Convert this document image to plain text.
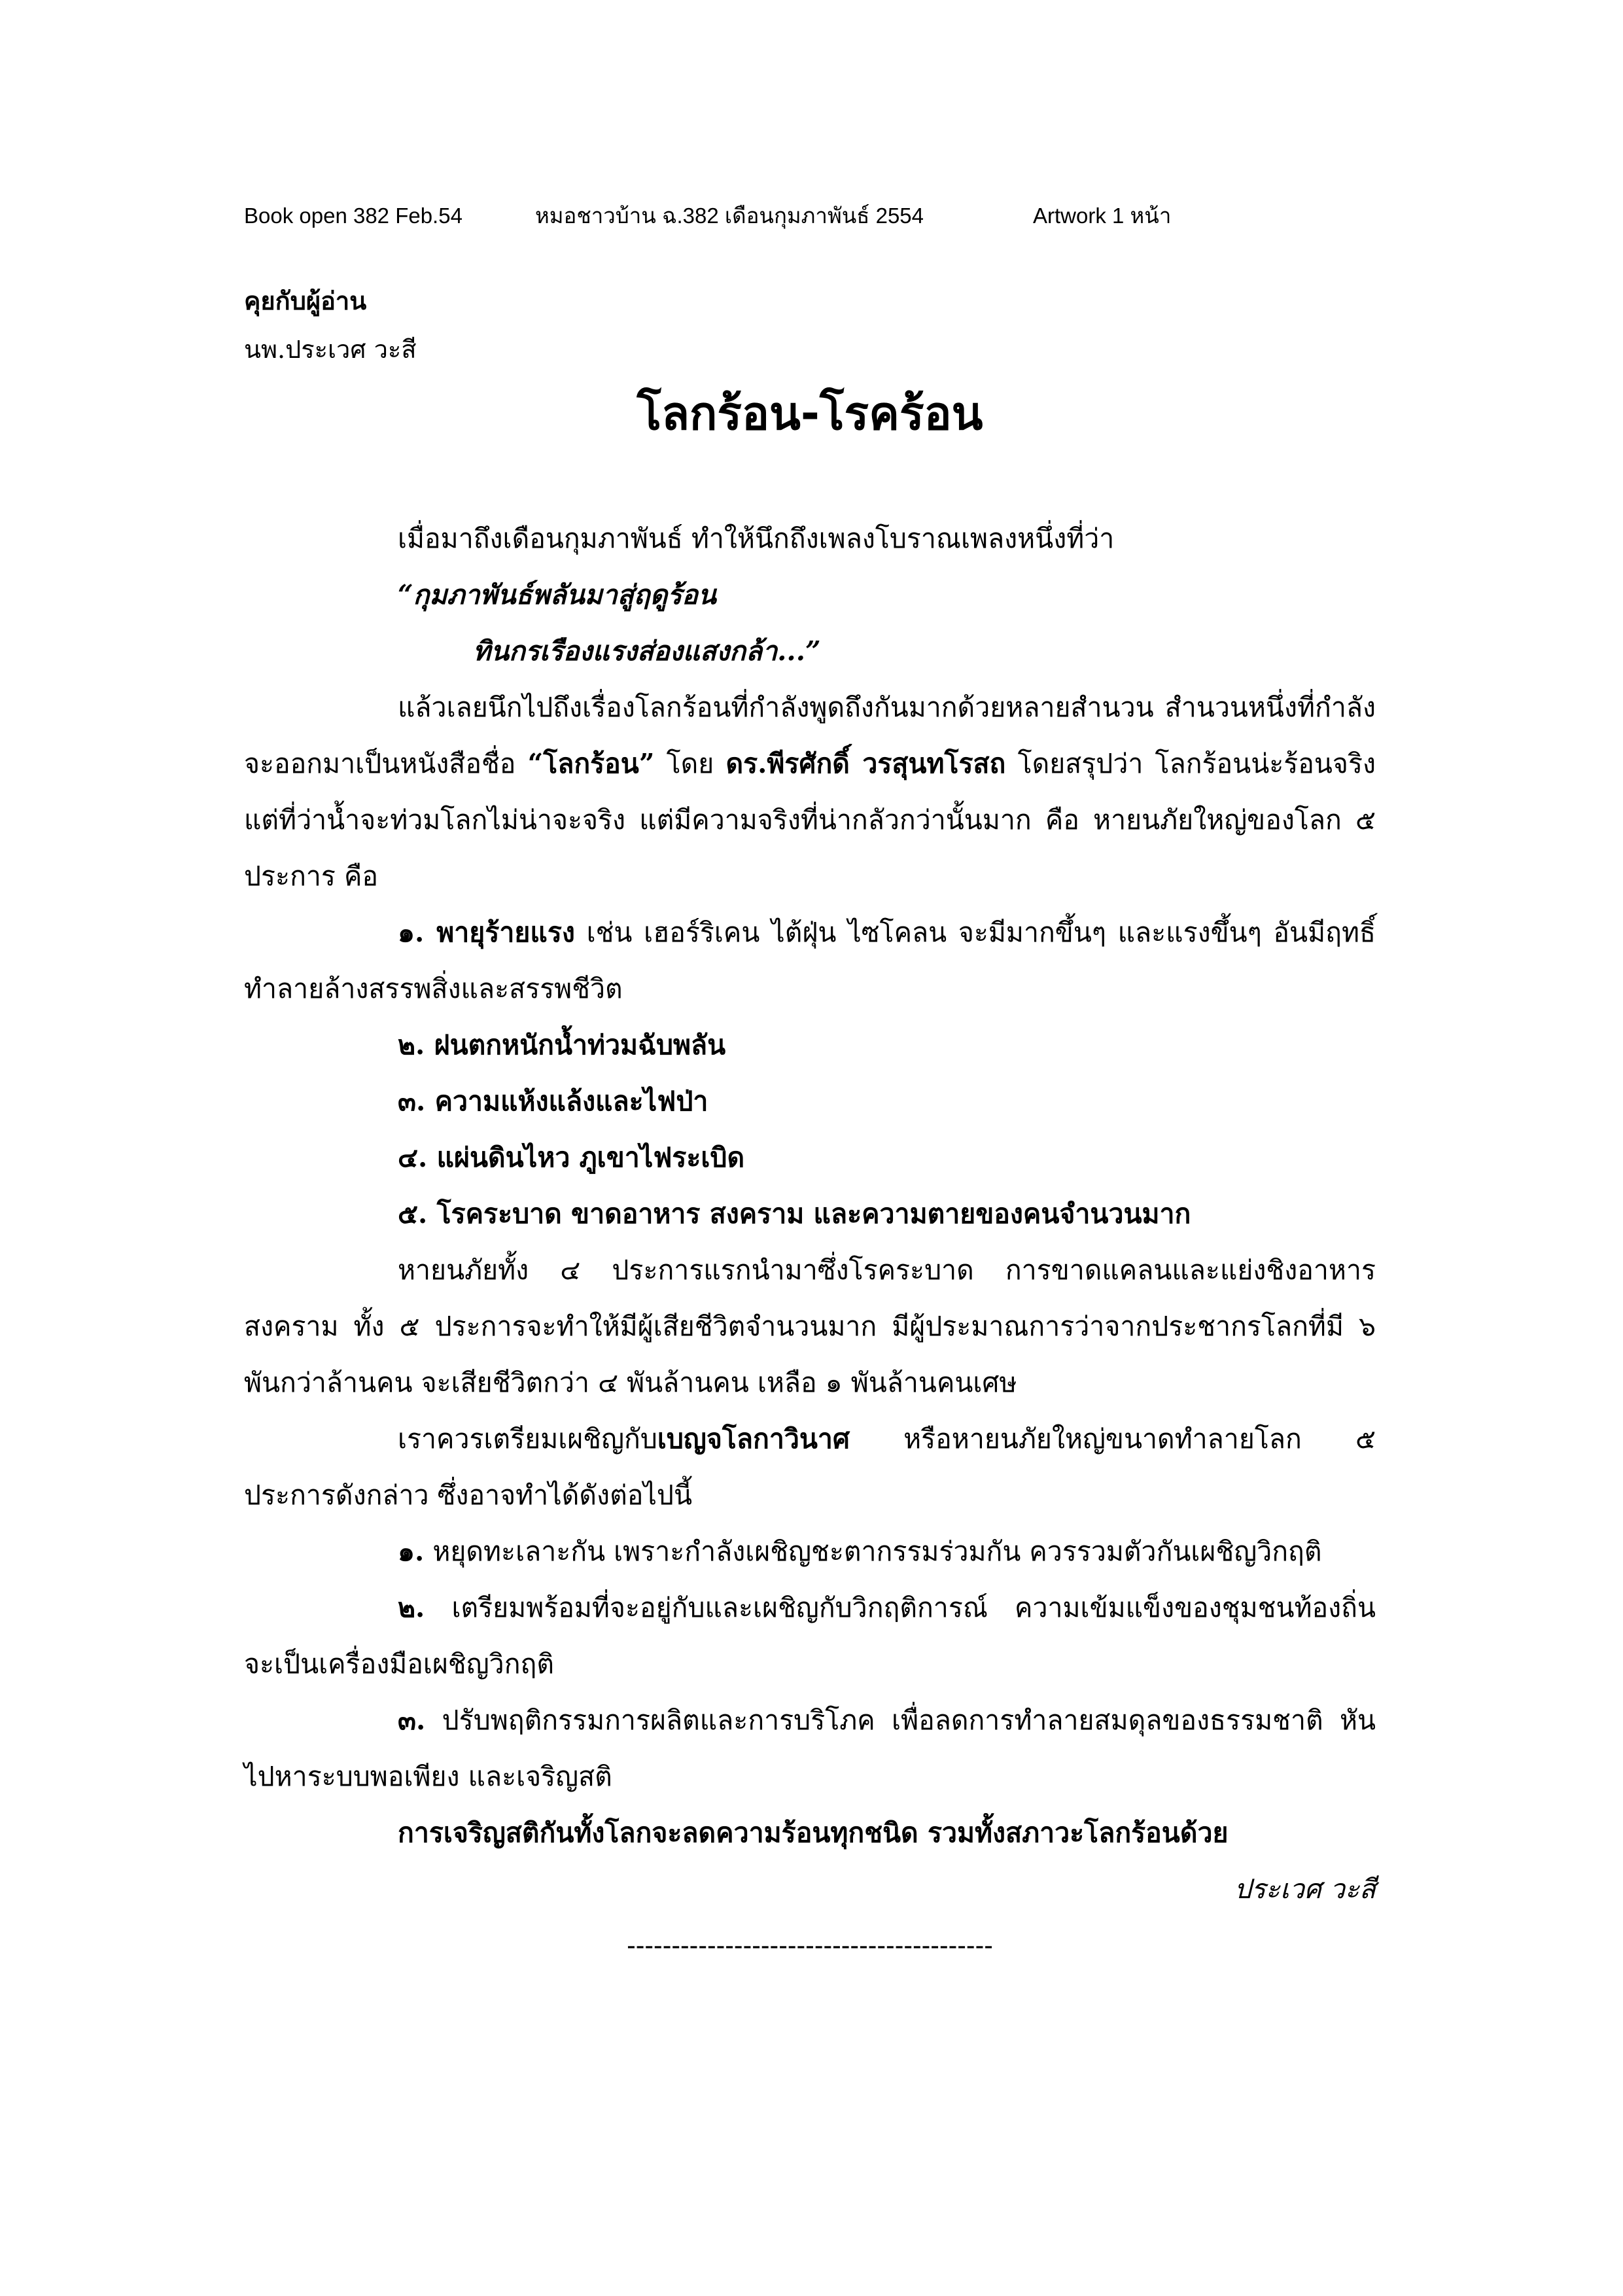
Book open 382 Feb.54	หมอชาวบ้าน ฉ.382 เดือนกุมภาพันธ์ 2554	Artwork 1 หน้า
คุยกับผู้อ่าน
นพ.ประเวศ วะสี
โลกร้อน-โรคร้อน

เมื่อมาถึงเดือนกุมภาพันธ์ ทำให้นึกถึงเพลงโบราณเพลงหนึ่งที่ว่า

“กุมภาพันธ์พลันมาสู่ฤดูร้อน

ทินกรเรืองแรงส่องแสงกล้า...”

แล้วเลยนึกไปถึงเรื่องโลกร้อนที่กำลังพูดถึงกันมากด้วยหลายสำนวน สำนวนหนึ่งที่กำลังจะออกมาเป็นหนังสือชื่อ “โลกร้อน” โดย ดร.พีรศักดิ์ วรสุนทโรสถ โดยสรุปว่า โลกร้อนน่ะร้อนจริง แต่ที่ว่าน้ำจะท่วมโลกไม่น่าจะจริง แต่มีความจริงที่น่ากลัวกว่านั้นมาก คือ หายนภัยใหญ่ของโลก ๕ ประการ คือ

๑. พายุร้ายแรง เช่น เฮอร์ริเคน ไต้ฝุ่น ไซโคลน จะมีมากขึ้นๆ และแรงขึ้นๆ อันมีฤทธิ์ทำลายล้างสรรพสิ่งและสรรพชีวิต

๒. ฝนตกหนักน้ำท่วมฉับพลัน

๓. ความแห้งแล้งและไฟป่า

๔. แผ่นดินไหว ภูเขาไฟระเบิด

๕. โรคระบาด ขาดอาหาร สงคราม และความตายของคนจำนวนมาก

หายนภัยทั้ง ๔ ประการแรกนำมาซึ่งโรคระบาด การขาดแคลนและแย่งชิงอาหาร สงคราม ทั้ง ๕ ประการจะทำให้มีผู้เสียชีวิตจำนวนมาก มีผู้ประมาณการว่าจากประชากรโลกที่มี ๖ พันกว่าล้านคน จะเสียชีวิตกว่า ๔ พันล้านคน เหลือ ๑ พันล้านคนเศษ

เราควรเตรียมเผชิญกับเบญจโลกาวินาศ หรือหายนภัยใหญ่ขนาดทำลายโลก ๕ ประการดังกล่าว ซึ่งอาจทำได้ดังต่อไปนี้

๑. หยุดทะเลาะกัน เพราะกำลังเผชิญชะตากรรมร่วมกัน ควรรวมตัวกันเผชิญวิกฤติ

๒. เตรียมพร้อมที่จะอยู่กับและเผชิญกับวิกฤติการณ์ ความเข้มแข็งของชุมชนท้องถิ่น จะเป็นเครื่องมือเผชิญวิกฤติ

๓. ปรับพฤติกรรมการผลิตและการบริโภค เพื่อลดการทำลายสมดุลของธรรมชาติ หันไปหาระบบพอเพียง และเจริญสติ

การเจริญสติกันทั้งโลกจะลดความร้อนทุกชนิด รวมทั้งสภาวะโลกร้อนด้วย

ประเวศ วะสี

-----------------------------------------
